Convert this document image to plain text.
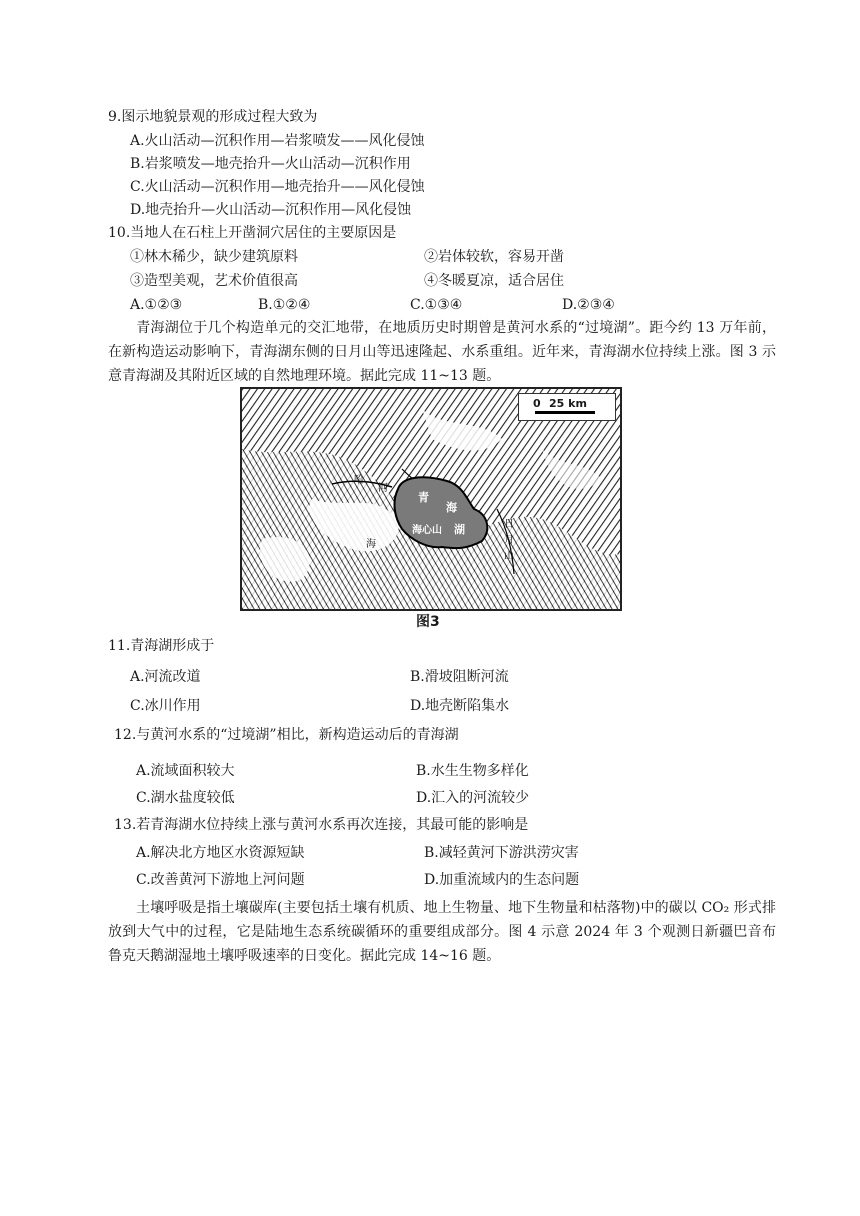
9.图示地貌景观的形成过程大致为
A.火山活动—沉积作用—岩浆喷发——风化侵蚀
B.岩浆喷发—地壳抬升—火山活动—沉积作用
C.火山活动—沉积作用—地壳抬升——风化侵蚀
D.地壳抬升—火山活动—沉积作用—风化侵蚀
10.当地人在石柱上开凿洞穴居住的主要原因是
①林木稀少，缺少建筑原料	②岩体较软，容易开凿
③造型美观，艺术价值很高	④冬暖夏凉，适合居住
A.①②③	B.①②④	C.①③④	D.②③④
青海湖位于几个构造单元的交汇地带，在地质历史时期曾是黄河水系的“过境湖”。距今约 13 万年前，在新构造运动影响下，青海湖东侧的日月山等迅速隆起、水系重组。近年来，青海湖水位持续上涨。图 3 示意青海湖及其附近区域的自然地理环境。据此完成 11~13 题。
0 25 km
青
海
海心山 湖
河
哈
日
月
山
海
图3
11.青海湖形成于
A.河流改道	B.滑坡阻断河流
C.冰川作用	D.地壳断陷集水
12.与黄河水系的“过境湖”相比，新构造运动后的青海湖
A.流域面积较大	B.水生生物多样化
C.湖水盐度较低	D.汇入的河流较少
13.若青海湖水位持续上涨与黄河水系再次连接，其最可能的影响是
A.解决北方地区水资源短缺	B.减轻黄河下游洪涝灾害
C.改善黄河下游地上河问题	D.加重流域内的生态问题
土壤呼吸是指土壤碳库(主要包括土壤有机质、地上生物量、地下生物量和枯落物)中的碳以 CO₂ 形式排放到大气中的过程，它是陆地生态系统碳循环的重要组成部分。图 4 示意 2024 年 3 个观测日新疆巴音布鲁克天鹅湖湿地土壤呼吸速率的日变化。据此完成 14~16 题。
